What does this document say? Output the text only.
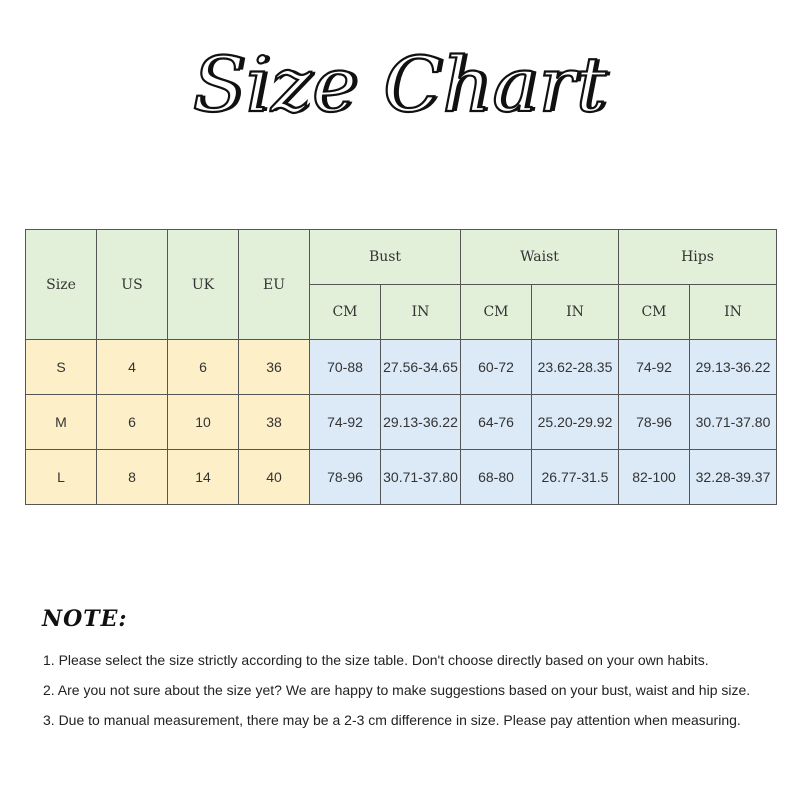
Size Chart
Size	US	UK	EU	Bust		Waist		Hips	
				CM	IN	CM	IN	CM	IN
S	4	6	36	70-88	27.56-34.65	60-72	23.62-28.35	74-92	29.13-36.22
M	6	10	38	74-92	29.13-36.22	64-76	25.20-29.92	78-96	30.71-37.80
L	8	14	40	78-96	30.71-37.80	68-80	26.77-31.5	82-100	32.28-39.37
NOTE:
1. Please select the size strictly according to the size table. Don't choose directly based on your own habits.
2. Are you not sure about the size yet? We are happy to make suggestions based on your bust, waist and hip size.
3. Due to manual measurement, there may be a 2-3 cm difference in size. Please pay attention when measuring.
